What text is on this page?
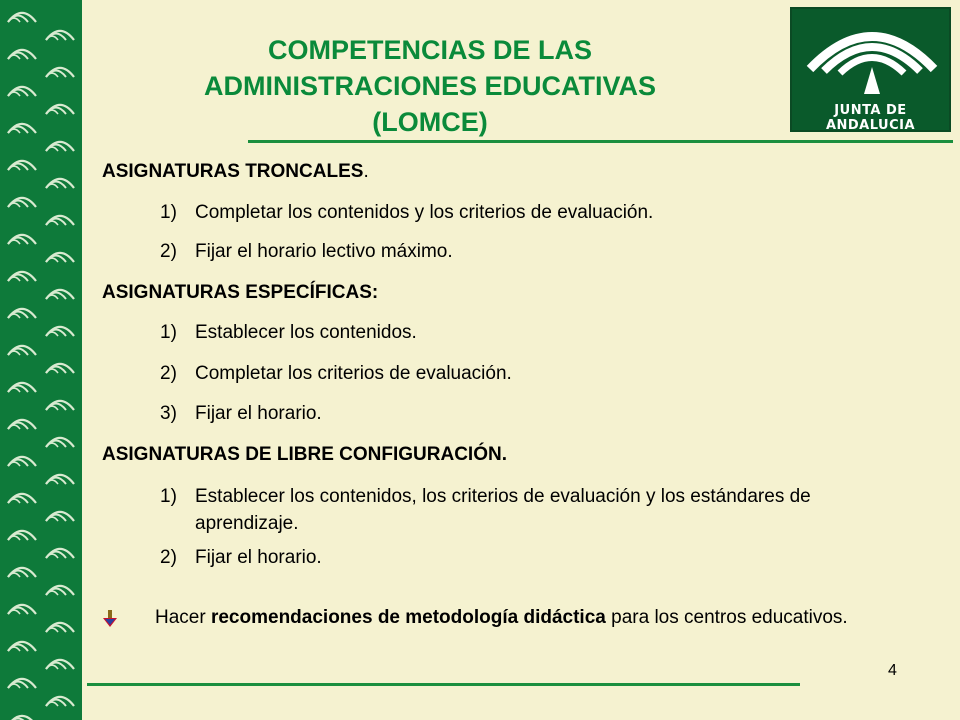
JUNTA DE ANDALUCIA
COMPETENCIAS DE LAS
ADMINISTRACIONES EDUCATIVAS
(LOMCE)
ASIGNATURAS TRONCALES.
1) Completar los contenidos y los criterios de evaluación.
2) Fijar el horario lectivo máximo.
ASIGNATURAS ESPECÍFICAS:
1) Establecer los contenidos.
2) Completar los criterios de evaluación.
3) Fijar el horario.
ASIGNATURAS DE LIBRE CONFIGURACIÓN.
1) Establecer los contenidos, los criterios de evaluación y los estándares de aprendizaje.
2) Fijar el horario.
Hacer recomendaciones de metodología didáctica para los centros educativos.
4
